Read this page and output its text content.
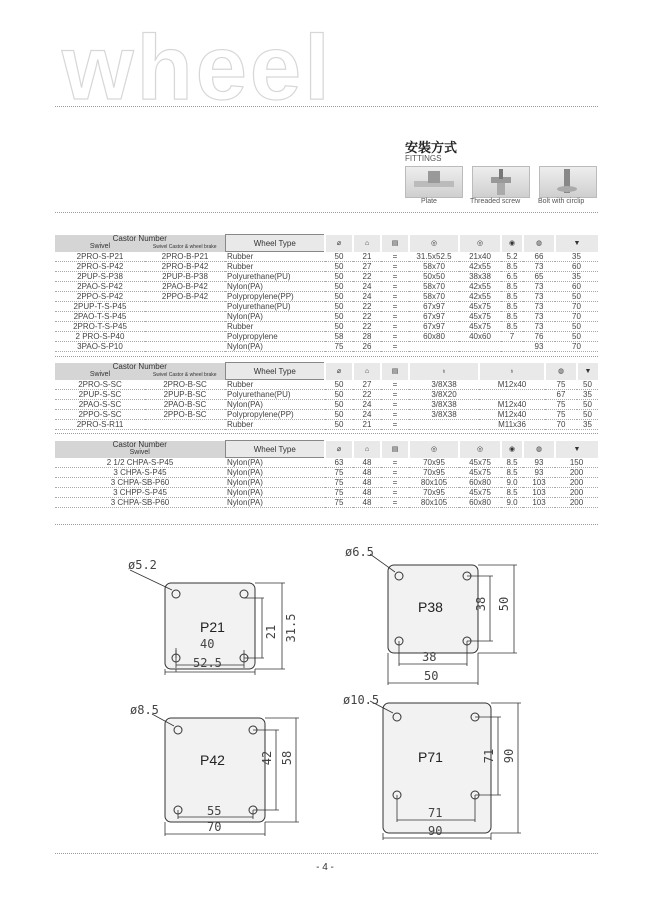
wheel
安裝方式
FITTINGS
Plate	Threaded screw	Bolt with circlip
Castor Number		Wheel Type	⌀	⌂	▤	◎	◎	◉	◍	▼
Swivel	Swivel Castor & wheel brake									
2PRO-S-P21	2PRO-B-P21	Rubber	50	21	=	31.5x52.5	21x40	5.2	66	35
2PRO-S-P42	2PRO-B-P42	Rubber	50	27	=	58x70	42x55	8.5	73	60
2PUP-S-P38	2PUP-B-P38	Polyurethane(PU)	50	22	=	50x50	38x38	6.5	65	35
2PAO-S-P42	2PAO-B-P42	Nylon(PA)	50	24	=	58x70	42x55	8.5	73	60
2PPO-S-P42	2PPO-B-P42	Polypropylene(PP)	50	24	=	58x70	42x55	8.5	73	50
2PUP-T-S-P45		Polyurethane(PU)	50	22	=	67x97	45x75	8.5	73	70
2PAO-T-S-P45		Nylon(PA)	50	22	=	67x97	45x75	8.5	73	70
2PRO-T-S-P45		Rubber	50	22	=	67x97	45x75	8.5	73	50
2 PRO-S-P40		Polypropylene	58	28	=	60x80	40x60	7	76	50
3PAO-S-P10		Nylon(PA)	75	26	=				93	70
Castor Number		Wheel Type	⌀	⌂	▤	♁	♁	◍	▼
Swivel	Swivel Castor & wheel brake								
2PRO-S-SC	2PRO-B-SC	Rubber	50	27	=	3/8X38	M12x40	75	50
2PUP-S-SC	2PUP-B-SC	Polyurethane(PU)	50	22	=	3/8X20		67	35
2PAO-S-SC	2PAO-B-SC	Nylon(PA)	50	24	=	3/8X38	M12x40	75	50
2PPO-S-SC	2PPO-B-SC	Polypropylene(PP)	50	24	=	3/8X38	M12x40	75	50
2PRO-S-R11		Rubber	50	21	=		M11x36	70	35
Castor Number	Wheel Type	⌀	⌂	▤	◎	◎	◉	◍	▼
Swivel									
2 1/2 CHPA-S-P45	Nylon(PA)	63	48	=	70x95	45x75	8.5	93	150
3 CHPA-S-P45	Nylon(PA)	75	48	=	70x95	45x75	8.5	93	200
3 CHPA-SB-P60	Nylon(PA)	75	48	=	80x105	60x80	9.0	103	200
3 CHPP-S-P45	Nylon(PA)	75	48	=	70x95	45x75	8.5	103	200
3 CHPA-SB-P60	Nylon(PA)	75	48	=	80x105	60x80	9.0	103	200
P21
ø5.2
21 31.5
40
52.5
P38
ø6.5
38 50
38
50
P42
ø8.5
42 58
55
70
P71
ø10.5
71 90
71
90
- 4 -
